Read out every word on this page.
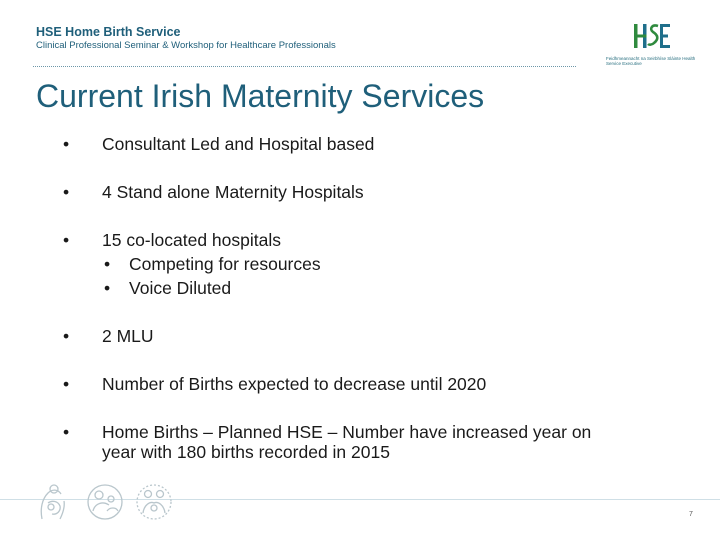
HSE Home Birth Service
Clinical Professional Seminar & Workshop for Healthcare Professionals
Feidhmeannacht na Seirbhíse Sláinte Health Service Executive
Current Irish Maternity Services
• Consultant Led and Hospital based
• 4 Stand alone Maternity Hospitals
• 15 co-located hospitals
• Competing for resources
• Voice Diluted
• 2 MLU
• Number of Births expected to decrease until 2020
• Home Births – Planned HSE – Number have increased year on
year with 180 births recorded in 2015
7
